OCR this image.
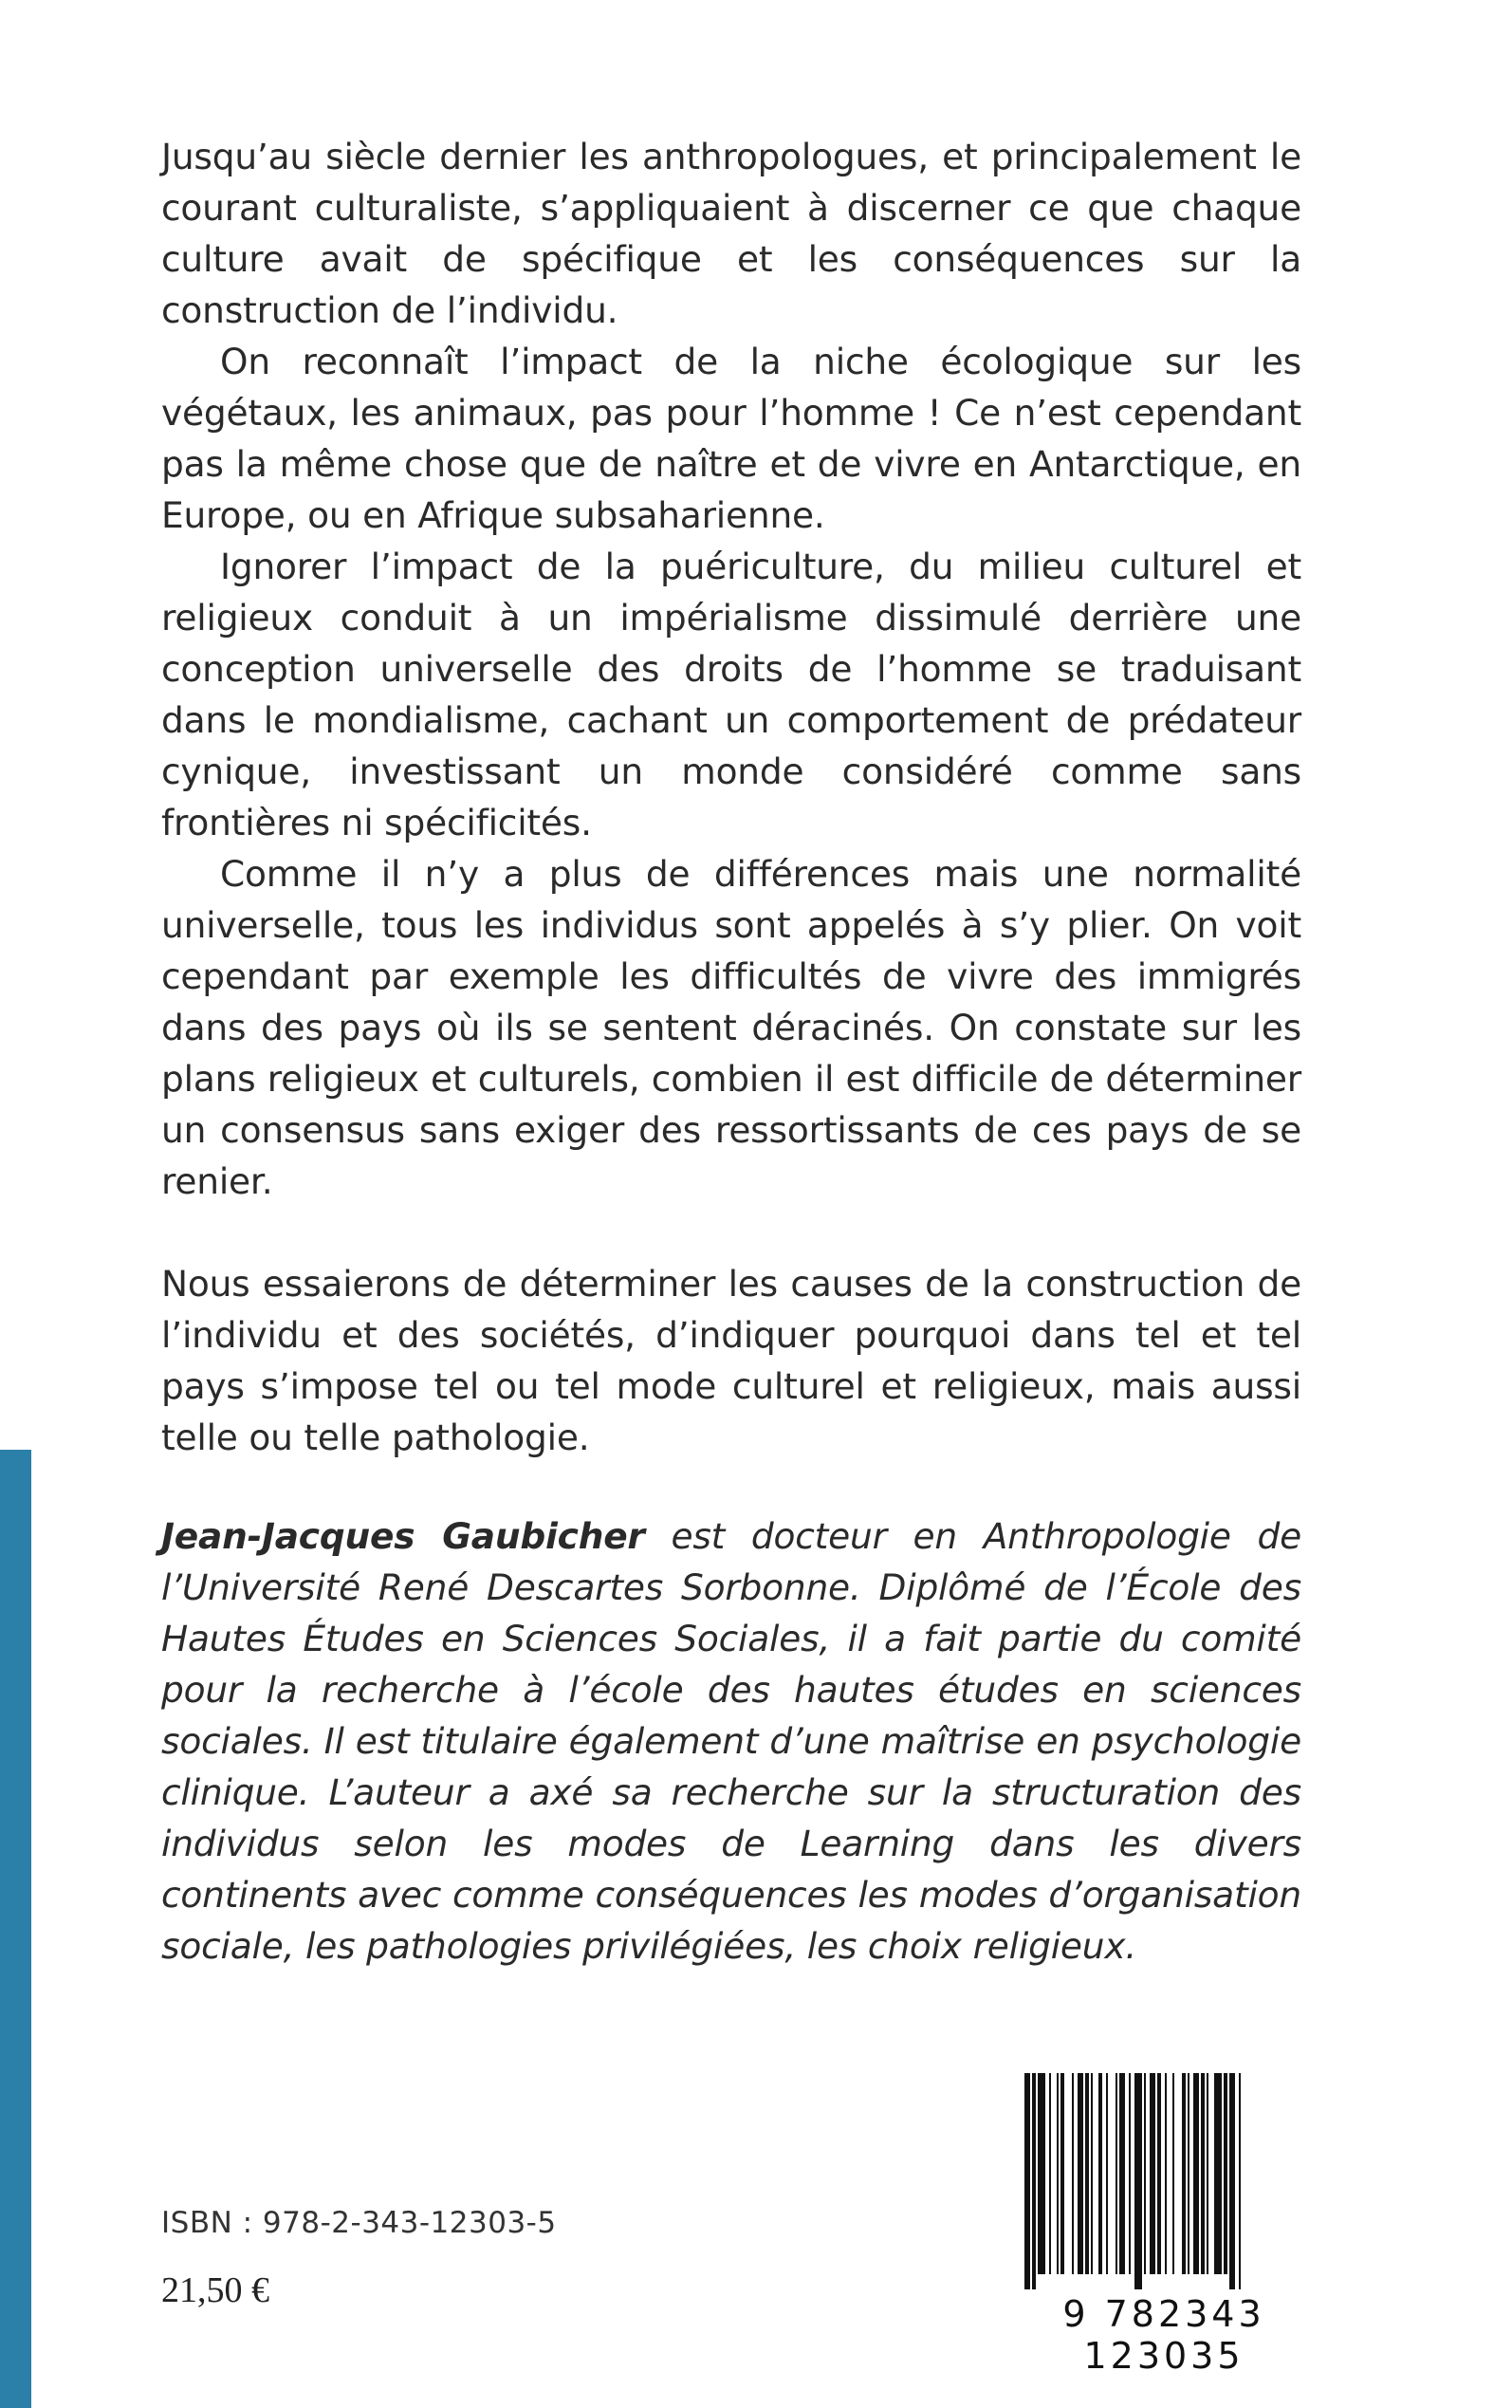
Jusqu’au siècle dernier les anthropologues, et principalement le courant culturaliste, s’appliquaient à discerner ce que chaque culture avait de spécifique et les conséquences sur la construction de l’individu.

On reconnaît l’impact de la niche écologique sur les végétaux, les animaux, pas pour l’homme ! Ce n’est cependant pas la même chose que de naître et de vivre en Antarctique, en Europe, ou en Afrique subsaharienne.

Ignorer l’impact de la puériculture, du milieu culturel et religieux conduit à un impérialisme dissimulé derrière une conception universelle des droits de l’homme se traduisant dans le mondialisme, cachant un comportement de prédateur cynique, investissant un monde considéré comme sans frontières ni spécificités.

Comme il n’y a plus de différences mais une normalité universelle, tous les individus sont appelés à s’y plier. On voit cependant par exemple les difficultés de vivre des immigrés dans des pays où ils se sentent déracinés. On constate sur les plans religieux et culturels, combien il est difficile de déterminer un consensus sans exiger des ressortissants de ces pays de se renier.

Nous essaierons de déterminer les causes de la construction de l’individu et des sociétés, d’indiquer pourquoi dans tel et tel pays s’impose tel ou tel mode culturel et religieux, mais aussi telle ou telle pathologie.

Jean-Jacques Gaubicher est docteur en Anthropologie de l’Université René Descartes Sorbonne. Diplômé de l’École des Hautes Études en Sciences Sociales, il a fait partie du comité pour la recherche à l’école des hautes études en sciences sociales. Il est titulaire également d’une maîtrise en psychologie clinique. L’auteur a axé sa recherche sur la structuration des individus selon les modes de Learning dans les divers continents avec comme conséquences les modes d’organisation sociale, les pathologies privilégiées, les choix religieux.

ISBN : 978-2-343-12303-5
21,50 €
9 782343 123035
